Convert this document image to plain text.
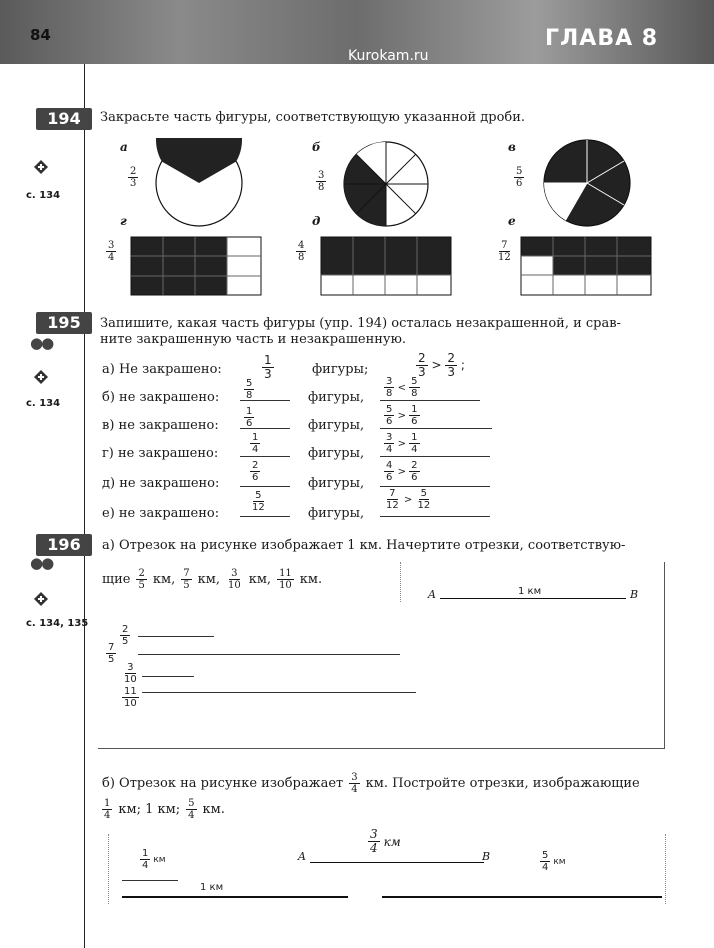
84
Kurokam.ru
ГЛАВА 8
194	Закрасьте часть фигуры, соответствующую указанной дроби.
с. 134
а
$\frac{2}{3}$
б
$\frac{3}{8}$
в
$\frac{5}{6}$
г
$\frac{3}{4}$
д
$\frac{4}{8}$
е
$\frac{7}{12}$
195
●●
с. 134
Запишите, какая часть фигуры (упр. 194) осталась незакрашенной, и срав-
ните закрашенную часть и незакрашенную.
а) Не закрашено:	$\frac{1}{3}$	фигуры;	$\frac{2}{3} > \frac{2}{3}$ ;
б) не закрашено: $\frac{5}{8}$	фигуры, $\frac{3}{8} < \frac{5}{8}$
в) не закрашено:	$\frac{1}{6}$	фигуры, $\frac{5}{6} > \frac{1}{6}$
г) не закрашено:	$\frac{1}{4}$	фигуры, $\frac{3}{4} > \frac{1}{4}$
д) не закрашено:
$\frac{2}{6}$
фигуры,
$\frac{4}{6} > \frac{2}{6}$
е) не закрашено:
$\frac{5}{12}$
фигуры,
$\frac{7}{12} > \frac{5}{12}$
196
●●
с. 134, 135
а) Отрезок на рисунке изображает 1 км. Начертите отрезки, соответствую-
щие $\frac{2}{5}$ км, $\frac{7}{5}$ км, $\frac{3}{10}$ км, $\frac{11}{10}$ км.
A	B
1 км
$\frac{2}{5}$
$\frac{7}{5}$
$\frac{3}{10}$
$\frac{11}{10}$
б) Отрезок на рисунке изображает $\frac{3}{4}$ км. Постройте отрезки, изображающие
$\frac{1}{4}$ км; 1 км; $\frac{5}{4}$ км.
A	B
$\frac{3}{4}$ км
$\frac{1}{4}$ км	$\frac{5}{4}$ км
1 км
